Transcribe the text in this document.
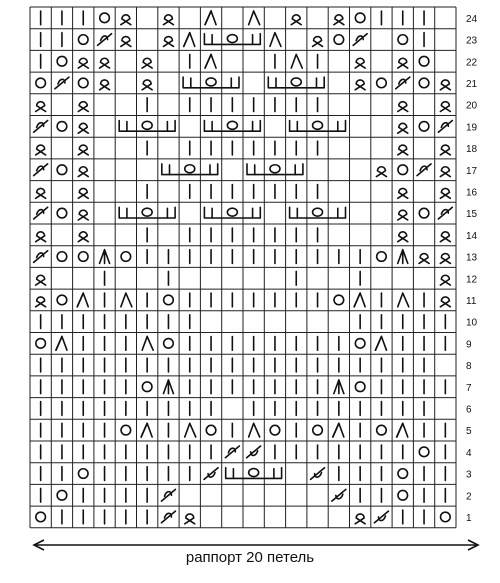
24
23
22
21
20
19
18
17
16
15
14
13
12
11
10
9
8
7
6
5
4
3
2
1
раппорт 20 петель
